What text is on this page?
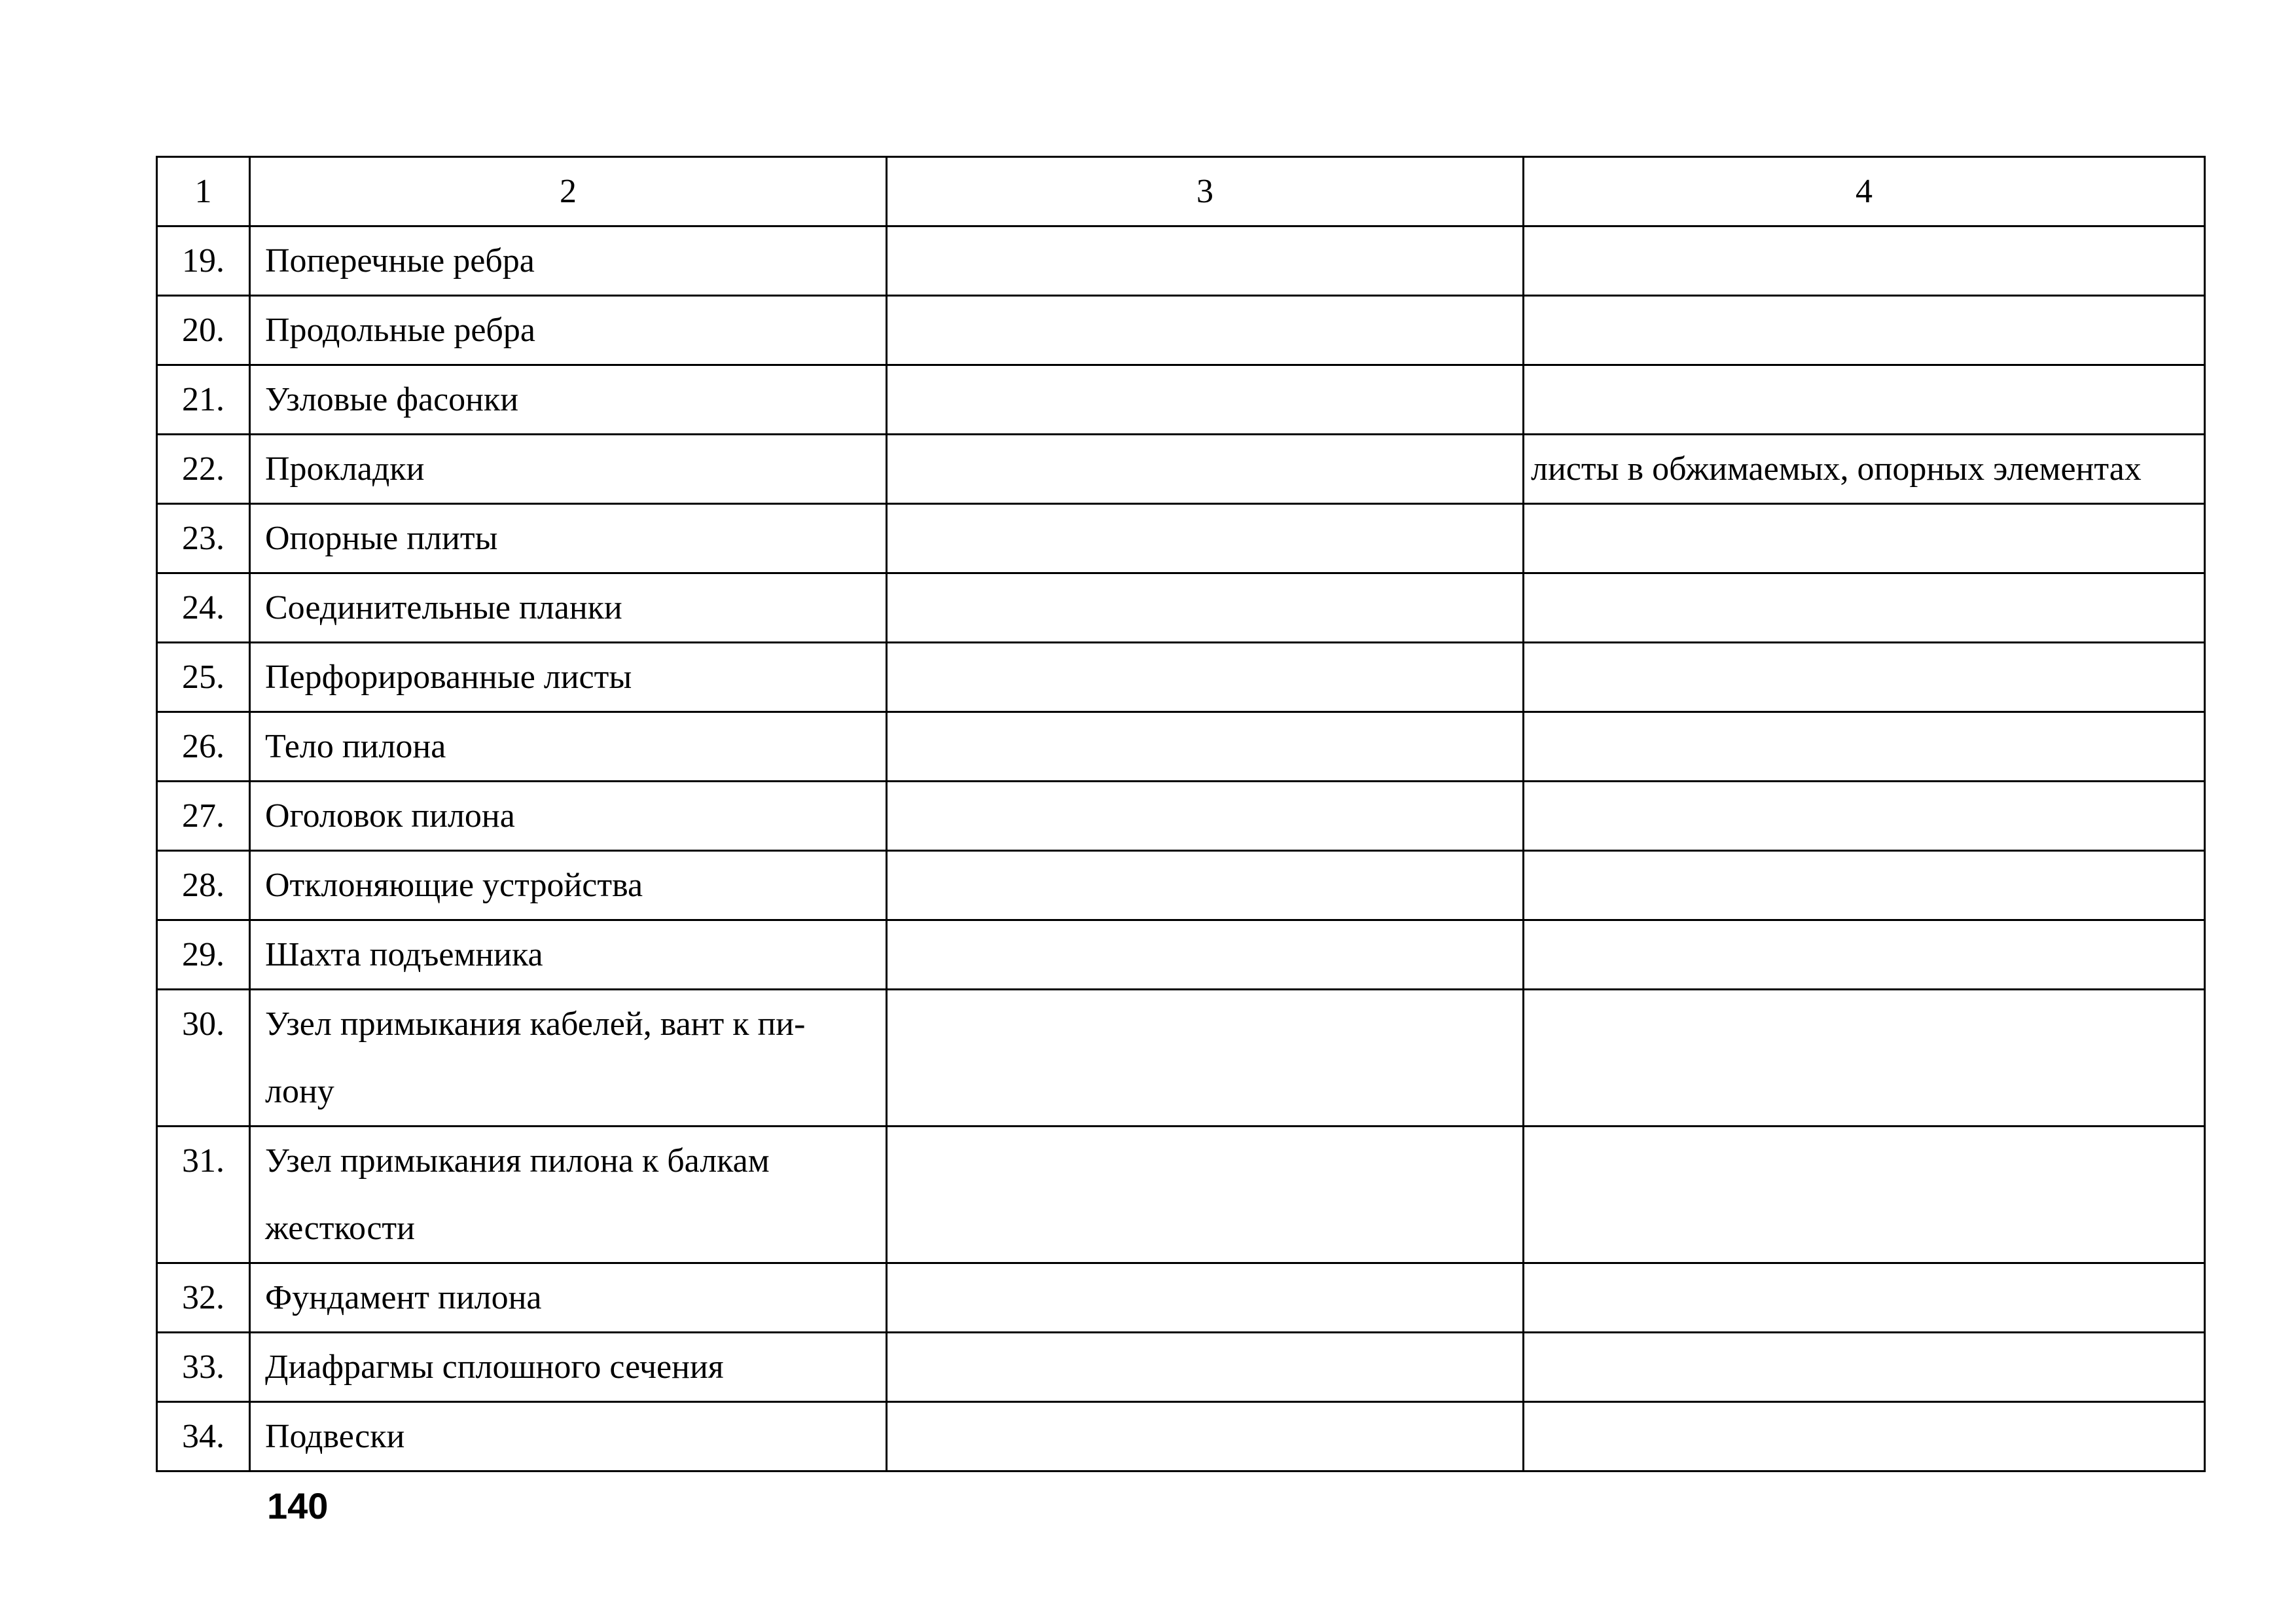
1	2	3	4
19.	Поперечные ребра		
20.	Продольные ребра		
21.	Узловые фасонки		
22.	Прокладки		листы в обжимаемых, опорных элементах
23.	Опорные плиты		
24.	Соединительные планки		
25.	Перфорированные листы		
26.	Тело пилона		
27.	Оголовок пилона		
28.	Отклоняющие устройства		
29.	Шахта подъемника		
30.	Узел примыкания кабелей, вант к пи-
лону		

31.	Узел примыкания пилона к балкам
жесткости		

32.	Фундамент пилона		
33.	Диафрагмы сплошного сечения		
34.	Подвески		
140
